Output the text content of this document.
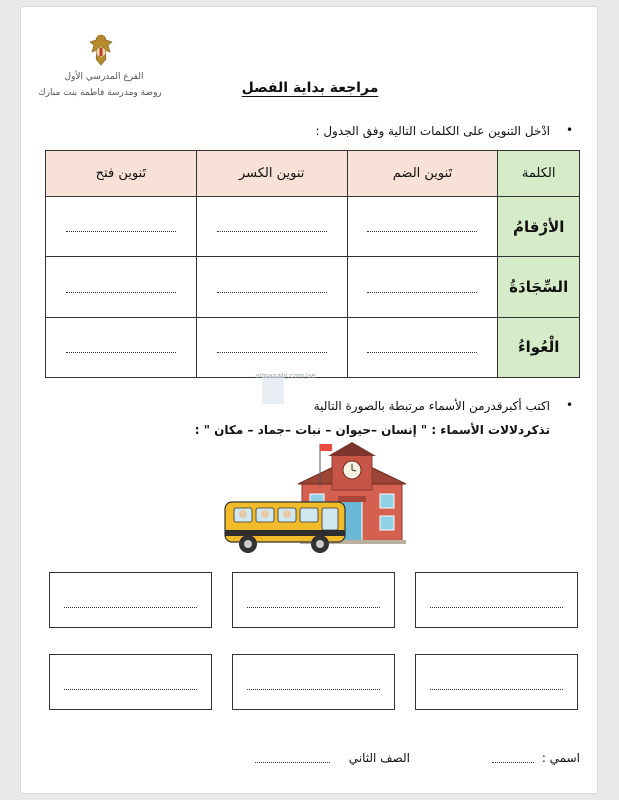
الفرع المدرسي الأول
روضة ومدرسة فاطمة بنت مبارك	مراجعة بداية الفصل
•
ادْخل التنوين على الكلمات التالية وفق الجدول :
تَنوين فتح	تنوين الكسر	تَنوين الضم	الكلمة
			الأرْقامُ
			السِّجَادَةُ
			الْعُواءُ
almanahj.com/ae
•
اكتب أكبرقدرمن الأسماء مرتبطة بالصورة التالية
تذكردلالات الأسماء : " إنسان –حيوان – نبات –جماد – مكان " :
اسمي :
الصف الثاني
